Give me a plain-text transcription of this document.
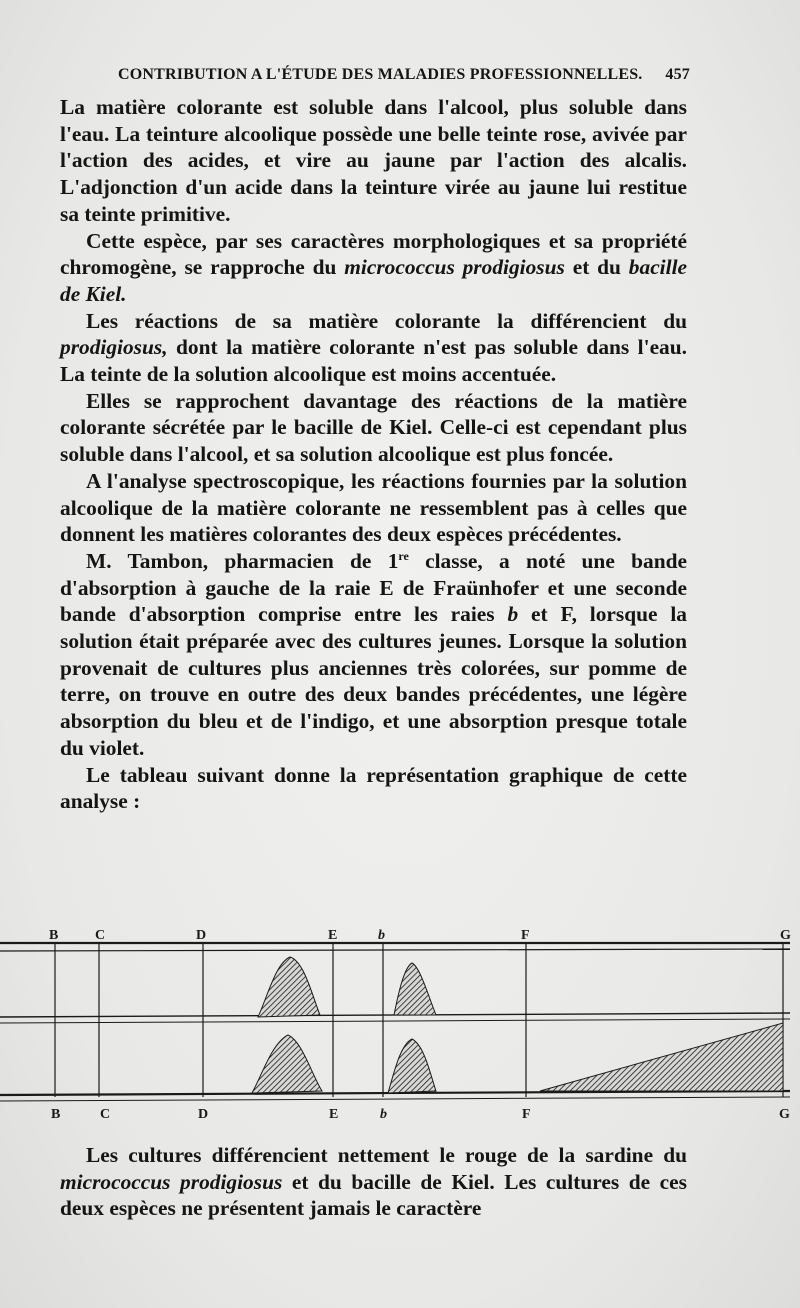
CONTRIBUTION A L'ÉTUDE DES MALADIES PROFESSIONNELLES. 457

La matière colorante est soluble dans l'alcool, plus soluble dans l'eau. La teinture alcoolique possède une belle teinte rose, avivée par l'action des acides, et vire au jaune par l'action des alcalis. L'adjonction d'un acide dans la teinture virée au jaune lui restitue sa teinte primitive.

Cette espèce, par ses caractères morphologiques et sa propriété chromogène, se rapproche du micrococcus prodigiosus et du bacille de Kiel.

Les réactions de sa matière colorante la différencient du prodigiosus, dont la matière colorante n'est pas soluble dans l'eau. La teinte de la solution alcoolique est moins accentuée.

Elles se rapprochent davantage des réactions de la matière colorante sécrétée par le bacille de Kiel. Celle-ci est cependant plus soluble dans l'alcool, et sa solution alcoolique est plus foncée.

A l'analyse spectroscopique, les réactions fournies par la solution alcoolique de la matière colorante ne ressemblent pas à celles que donnent les matières colorantes des deux espèces précédentes.

M. Tambon, pharmacien de 1re classe, a noté une bande d'absorption à gauche de la raie E de Fraünhofer et une seconde bande d'absorption comprise entre les raies b et F, lorsque la solution était préparée avec des cultures jeunes. Lorsque la solution provenait de cultures plus anciennes très colorées, sur pomme de terre, on trouve en outre des deux bandes précédentes, une légère absorption du bleu et de l'indigo, et une absorption presque totale du violet.

Le tableau suivant donne la représentation graphique de cette analyse :

B	C	D	E	b	F	G
B	C	D	E	b	F	G

Les cultures différencient nettement le rouge de la sardine du micrococcus prodigiosus et du bacille de Kiel. Les cultures de ces deux espèces ne présentent jamais le caractère
